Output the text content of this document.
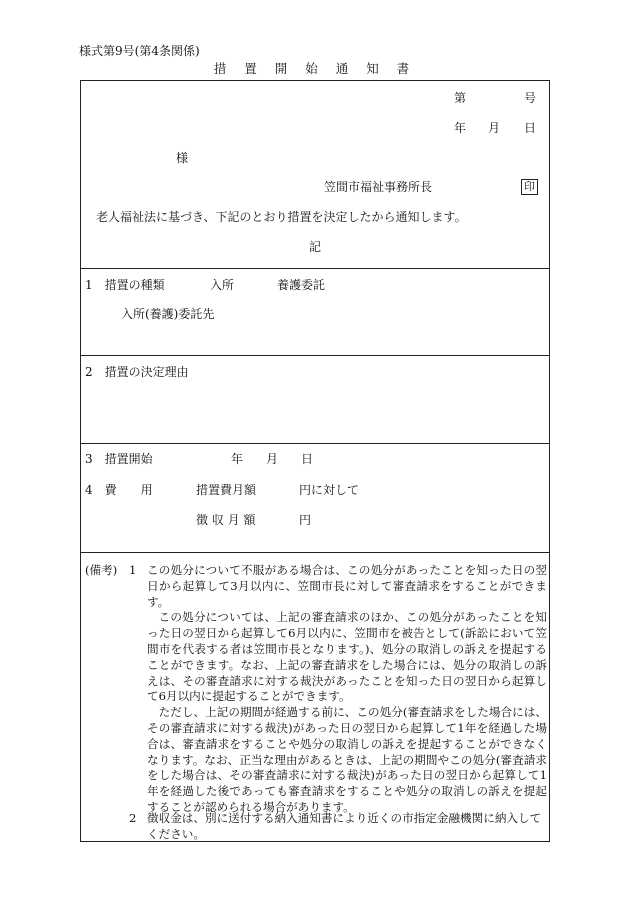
様式第9号(第4条関係)
措 置 開 始 通 知 書
第	号
年 月 日
様
笠間市福祉事務所長	印
老人福祉法に基づき、下記のとおり措置を決定したから通知します。
記
1　措置の種類	入所	養護委託
入所(養護)委託先
2　措置の決定理由
3　措置開始	年 月 日
4　費　　用	措置費月額	円に対して
徴 収 月 額	円
(備考) 1 この処分について不服がある場合は、この処分があったことを知った日の翌日から起算して3月以内に、笠間市長に対して審査請求をすることができます。

この処分については、上記の審査請求のほか、この処分があったことを知った日の翌日から起算して6月以内に、笠間市を被告として(訴訟において笠間市を代表する者は笠間市長となります。)、処分の取消しの訴えを提起することができます。なお、上記の審査請求をした場合には、処分の取消しの訴えは、その審査請求に対する裁決があったことを知った日の翌日から起算して6月以内に提起することができます。

ただし、上記の期間が経過する前に、この処分(審査請求をした場合には、その審査請求に対する裁決)があった日の翌日から起算して1年を経過した場合は、審査請求をすることや処分の取消しの訴えを提起することができなくなります。なお、正当な理由があるときは、上記の期間やこの処分(審査請求をした場合は、その審査請求に対する裁決)があった日の翌日から起算して1年を経過した後であっても審査請求をすることや処分の取消しの訴えを提起することが認められる場合があります。

2 徴収金は、別に送付する納入通知書により近くの市指定金融機関に納入してください。
